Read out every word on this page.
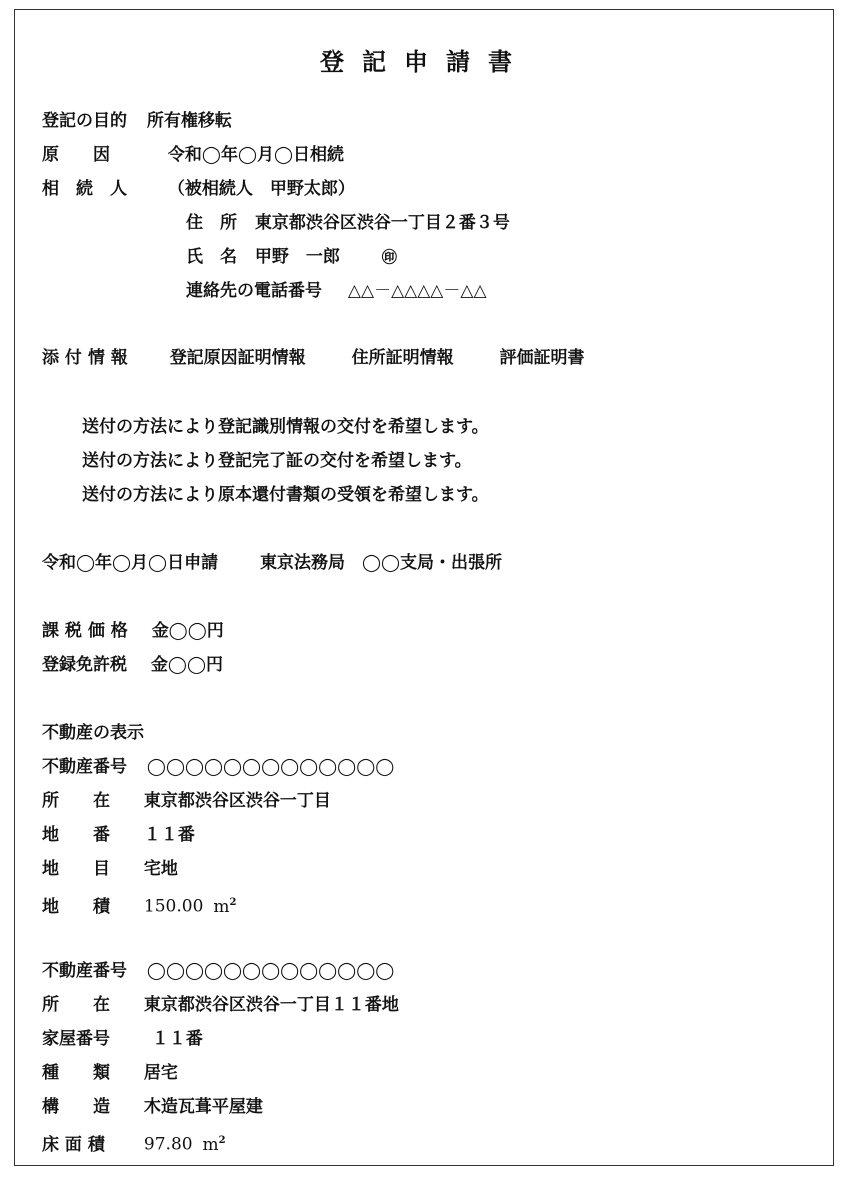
登記申請書
登記の目的 所有権移転
原　　因	令和◯年◯月◯日相続
相　続　人 （被相続人　甲野太郎）
住　所 東京都渋谷区渋谷一丁目２番３号
氏　名 甲野　一郎	㊞
連絡先の電話番号 △△－△△△△－△△
添 付 情 報 登記原因証明情報	住所証明情報	評価証明書
送付の方法により登記識別情報の交付を希望します。
送付の方法により登記完了証の交付を希望します。
送付の方法により原本還付書類の受領を希望します。
令和◯年◯月◯日申請 東京法務局　◯◯支局・出張所
課 税 価 格 金◯◯円
登録免許税 金◯◯円
不動産の表示
不動産番号 ◯◯◯◯◯◯◯◯◯◯◯◯◯
所　　在 東京都渋谷区渋谷一丁目
地　　番 １１番
地　　目 宅地
地　　積 150.00 $m^2$
不動産番号 ◯◯◯◯◯◯◯◯◯◯◯◯◯
所　　在 東京都渋谷区渋谷一丁目１１番地
家屋番号 １１番
種　　類 居宅
構　　造 木造瓦葺平屋建
床 面 積 97.80 $m^2$
